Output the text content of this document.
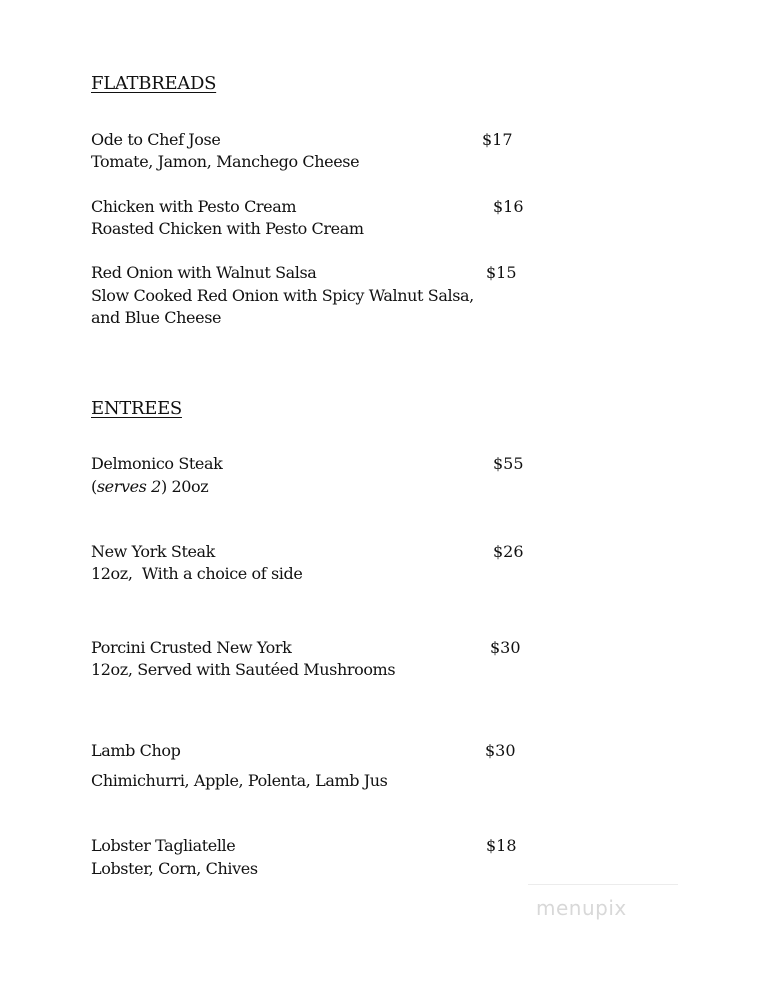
FLATBREADS
Ode to Chef Jose	$17
Tomate, Jamon, Manchego Cheese
Chicken with Pesto Cream	$16
Roasted Chicken with Pesto Cream
Red Onion with Walnut Salsa	$15
Slow Cooked Red Onion with Spicy Walnut Salsa,
and Blue Cheese
ENTREES
Delmonico Steak	$55
(serves 2) 20oz
New York Steak	$26
12oz,  With a choice of side
Porcini Crusted New York	$30
12oz, Served with Sautéed Mushrooms
Lamb Chop	$30
Chimichurri, Apple, Polenta, Lamb Jus
Lobster Tagliatelle	$18
Lobster, Corn, Chives
menupix
